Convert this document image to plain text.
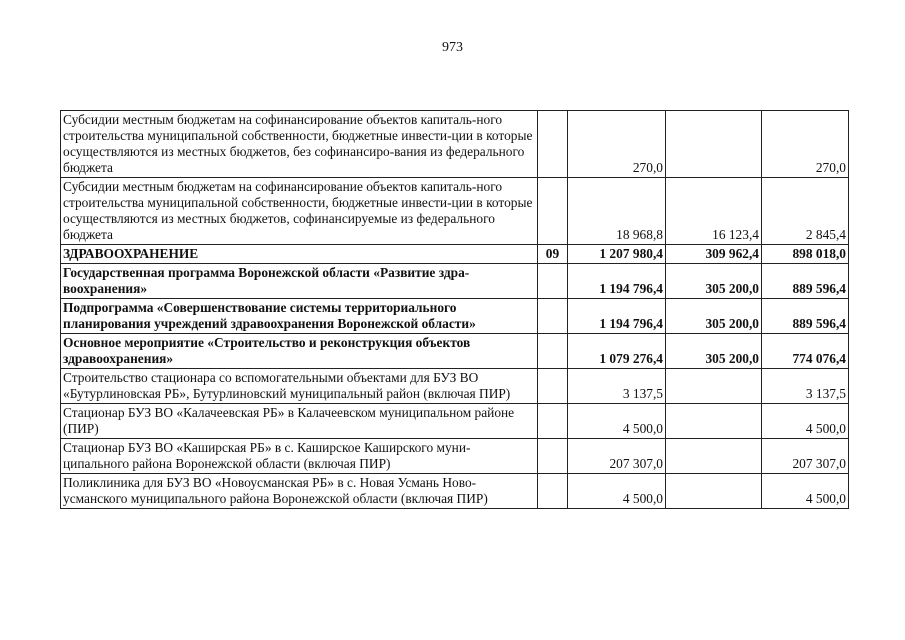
973
Субсидии местным бюджетам на софинансирование объектов капиталь-ного строительства муниципальной собственности, бюджетные инвести-ции в которые осуществляются из местных бюджетов, без софинансиро-вания из федерального бюджета		270,0		270,0
Субсидии местным бюджетам на софинансирование объектов капиталь-ного строительства муниципальной собственности, бюджетные инвести-ции в которые осуществляются из местных бюджетов, софинансируемые из федерального бюджета		18 968,8	16 123,4	2 845,4
ЗДРАВООХРАНЕНИЕ	09	1 207 980,4	309 962,4	898 018,0
Государственная программа Воронежской области «Развитие здра-воохранения»		1 194 796,4	305 200,0	889 596,4
Подпрограмма «Совершенствование системы территориального планирования учреждений здравоохранения Воронежской области»		1 194 796,4	305 200,0	889 596,4
Основное мероприятие «Строительство и реконструкция объектов здравоохранения»		1 079 276,4	305 200,0	774 076,4
Строительство стационара со вспомогательными объектами для БУЗ ВО «Бутурлиновская РБ», Бутурлиновский муниципальный район (включая ПИР)		3 137,5		3 137,5
Стационар БУЗ ВО «Калачеевская РБ» в Калачеевском муниципальном районе (ПИР)		4 500,0		4 500,0
Стационар БУЗ ВО «Каширская РБ» в с. Каширское Каширского муни-ципального района Воронежской области (включая ПИР)		207 307,0		207 307,0
Поликлиника для БУЗ ВО «Новоусманская РБ» в с. Новая Усмань Ново-усманского муниципального района Воронежской области (включая ПИР)		4 500,0		4 500,0
